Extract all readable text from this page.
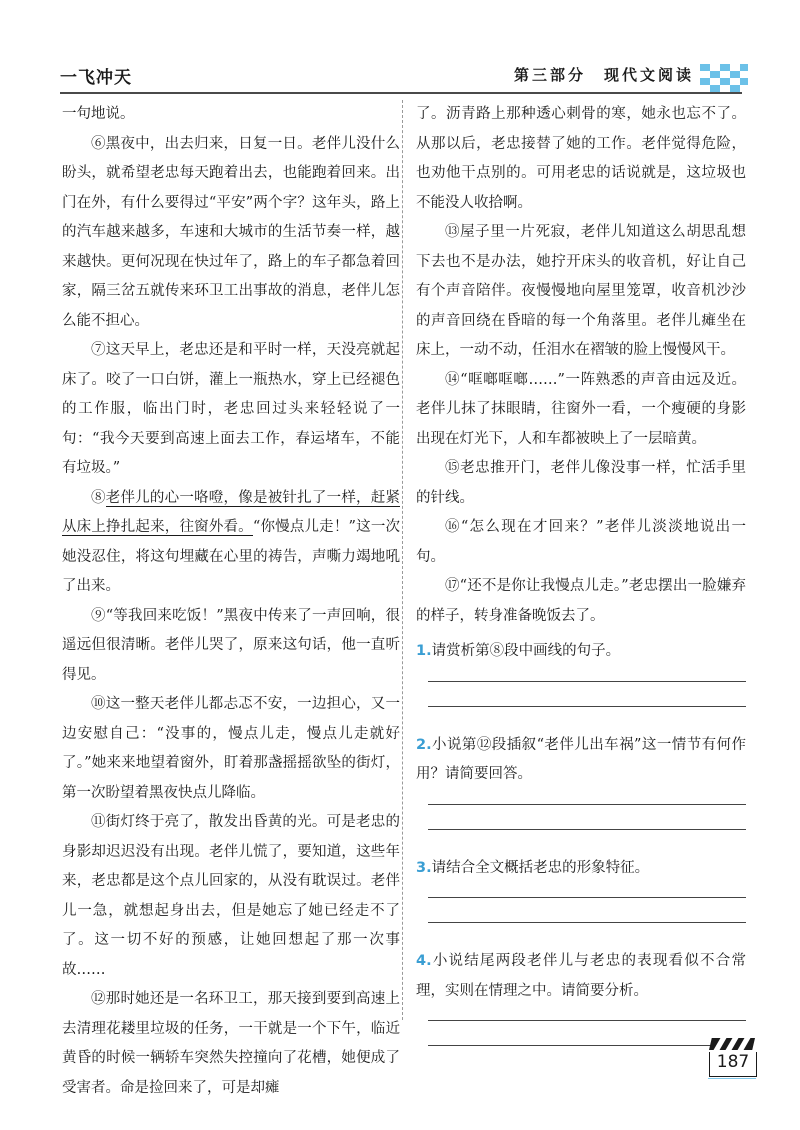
一飞冲天	第三部分　现代文阅读

一句地说。

⑥黑夜中，出去归来，日复一日。老伴儿没什么盼头，就希望老忠每天跑着出去，也能跑着回来。出门在外，有什么要得过“平安”两个字？这年头，路上的汽车越来越多，车速和大城市的生活节奏一样，越来越快。更何况现在快过年了，路上的车子都急着回家，隔三岔五就传来环卫工出事故的消息，老伴儿怎么能不担心。

⑦这天早上，老忠还是和平时一样，天没亮就起床了。咬了一口白饼，灌上一瓶热水，穿上已经褪色的工作服，临出门时，老忠回过头来轻轻说了一句：“我今天要到高速上面去工作，春运堵车，不能有垃圾。”

⑧老伴儿的心一咯噔，像是被针扎了一样，赶紧从床上挣扎起来，往窗外看。“你慢点儿走！”这一次她没忍住，将这句埋藏在心里的祷告，声嘶力竭地吼了出来。

⑨“等我回来吃饭！”黑夜中传来了一声回响，很遥远但很清晰。老伴儿哭了，原来这句话，他一直听得见。

⑩这一整天老伴儿都忐忑不安，一边担心，又一边安慰自己：“没事的，慢点儿走，慢点儿走就好了。”她来来地望着窗外，盯着那盏摇摇欲坠的街灯，第一次盼望着黑夜快点儿降临。

⑪街灯终于亮了，散发出昏黄的光。可是老忠的身影却迟迟没有出现。老伴儿慌了，要知道，这些年来，老忠都是这个点儿回家的，从没有耽误过。老伴儿一急，就想起身出去，但是她忘了她已经走不了了。这一切不好的预感，让她回想起了那一次事故……

⑫那时她还是一名环卫工，那天接到要到高速上去清理花耧里垃圾的任务，一干就是一个下午，临近黄昏的时候一辆轿车突然失控撞向了花槽，她便成了受害者。命是捡回来了，可是却瘫

了。沥青路上那种透心刺骨的寒，她永也忘不了。从那以后，老忠接替了她的工作。老伴觉得危险，也劝他干点别的。可用老忠的话说就是，这垃圾也不能没人收拾啊。

⑬屋子里一片死寂，老伴儿知道这么胡思乱想下去也不是办法，她拧开床头的收音机，好让自己有个声音陪伴。夜慢慢地向屋里笼罩，收音机沙沙的声音回绕在昏暗的每一个角落里。老伴儿瘫坐在床上，一动不动，任泪水在褶皱的脸上慢慢风干。

⑭“哐啷哐啷……”一阵熟悉的声音由远及近。老伴儿抹了抹眼睛，往窗外一看，一个瘦硬的身影出现在灯光下，人和车都被映上了一层暗黄。

⑮老忠推开门，老伴儿像没事一样，忙活手里的针线。

⑯“怎么现在才回来？”老伴儿淡淡地说出一句。

⑰“还不是你让我慢点儿走。”老忠摆出一脸嫌弃的样子，转身准备晚饭去了。

1.请赏析第⑧段中画线的句子。
2.小说第⑫段插叙“老伴儿出车祸”这一情节有何作用？请简要回答。
3.请结合全文概括老忠的形象特征。
4.小说结尾两段老伴儿与老忠的表现看似不合常理，实则在情理之中。请简要分析。
187
